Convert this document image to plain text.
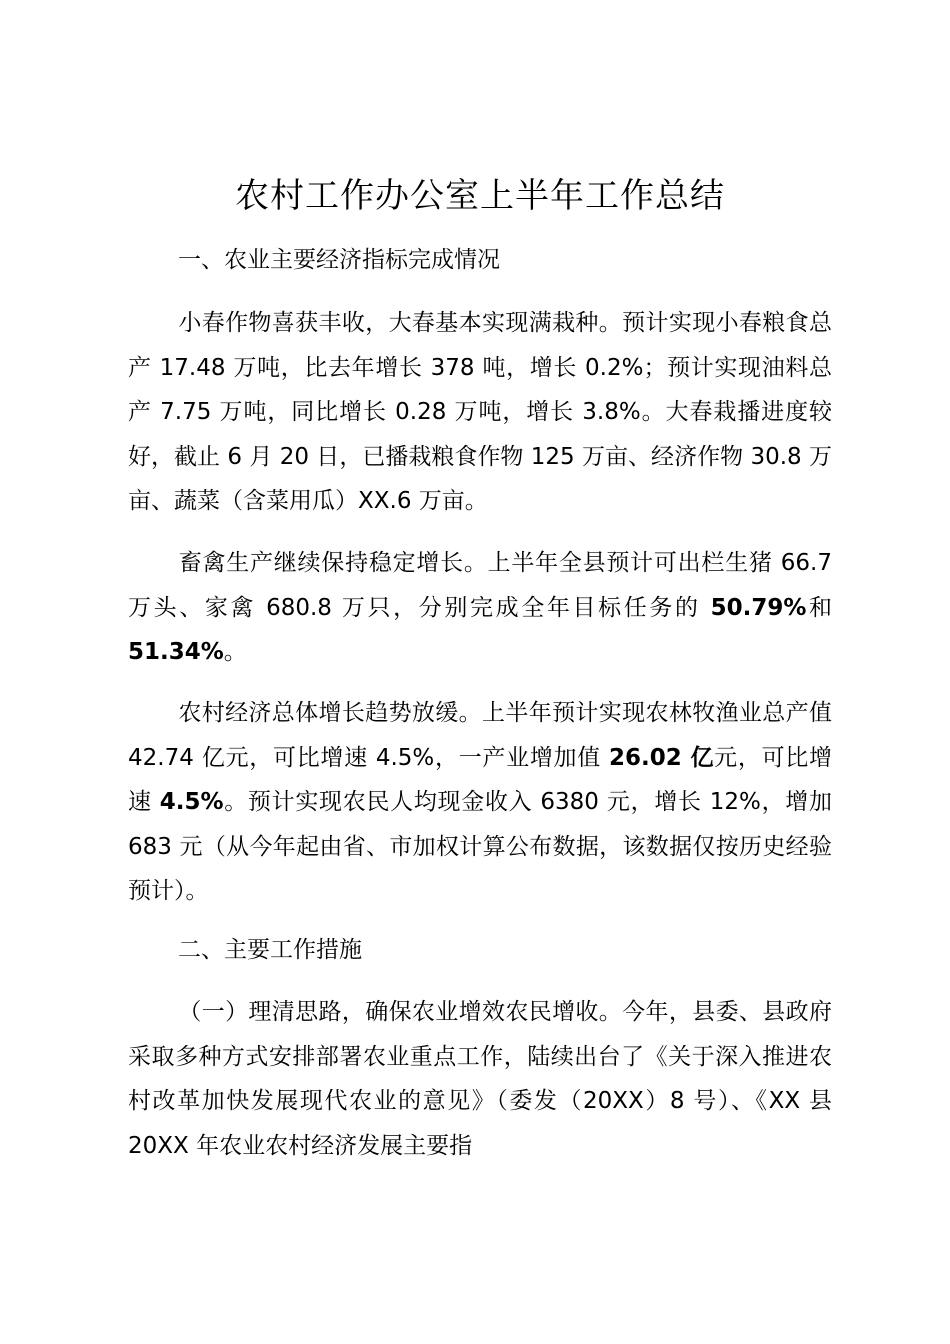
农村工作办公室上半年工作总结

一、农业主要经济指标完成情况

小春作物喜获丰收，大春基本实现满栽种。预计实现小春粮食总产 17.48 万吨，比去年增长 378 吨，增长 0.2%；预计实现油料总产 7.75 万吨，同比增长 0.28 万吨，增长 3.8%。大春栽播进度较好，截止 6 月 20 日，已播栽粮食作物 125 万亩、经济作物 30.8 万亩、蔬菜（含菜用瓜）XX.6 万亩。

畜禽生产继续保持稳定增长。上半年全县预计可出栏生猪 66.7 万头、家禽 680.8 万只，分别完成全年目标任务的 50.79%和51.34%。

农村经济总体增长趋势放缓。上半年预计实现农林牧渔业总产值 42.74 亿元，可比增速 4.5%，一产业增加值 26.02 亿元，可比增速 4.5%。预计实现农民人均现金收入 6380 元，增长 12%，增加 683 元（从今年起由省、市加权计算公布数据，该数据仅按历史经验预计）。

二、主要工作措施

（一）理清思路，确保农业增效农民增收。今年，县委、县政府采取多种方式安排部署农业重点工作，陆续出台了《关于深入推进农村改革加快发展现代农业的意见》（委发（20XX）8 号）、《XX 县 20XX 年农业农村经济发展主要指
